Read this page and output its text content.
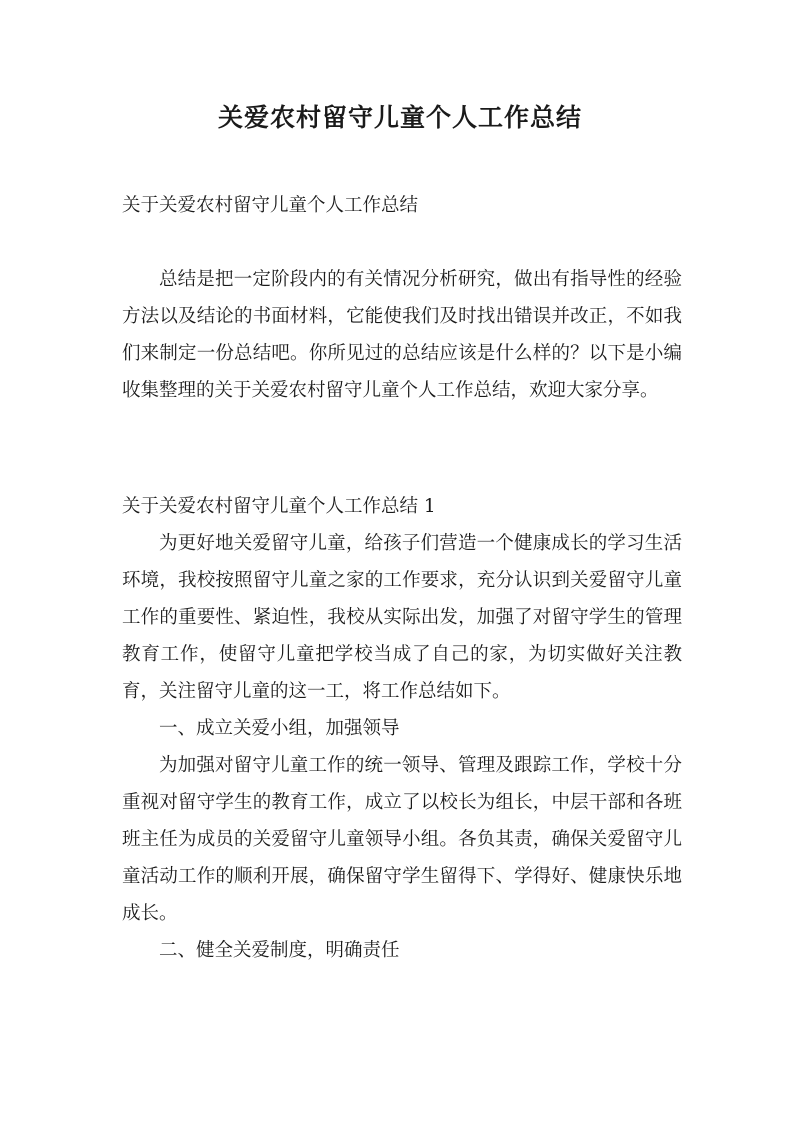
关爱农村留守儿童个人工作总结

关于关爱农村留守儿童个人工作总结

总结是把一定阶段内的有关情况分析研究，做出有指导性的经验方法以及结论的书面材料，它能使我们及时找出错误并改正，不如我们来制定一份总结吧。你所见过的总结应该是什么样的？以下是小编收集整理的关于关爱农村留守儿童个人工作总结，欢迎大家分享。

关于关爱农村留守儿童个人工作总结 1

为更好地关爱留守儿童，给孩子们营造一个健康成长的学习生活环境，我校按照留守儿童之家的工作要求，充分认识到关爱留守儿童工作的重要性、紧迫性，我校从实际出发，加强了对留守学生的管理教育工作，使留守儿童把学校当成了自己的家，为切实做好关注教育，关注留守儿童的这一工，将工作总结如下。

一、成立关爱小组，加强领导

为加强对留守儿童工作的统一领导、管理及跟踪工作，学校十分重视对留守学生的教育工作，成立了以校长为组长，中层干部和各班班主任为成员的关爱留守儿童领导小组。各负其责，确保关爱留守儿童活动工作的顺利开展，确保留守学生留得下、学得好、健康快乐地成长。

二、健全关爱制度，明确责任
